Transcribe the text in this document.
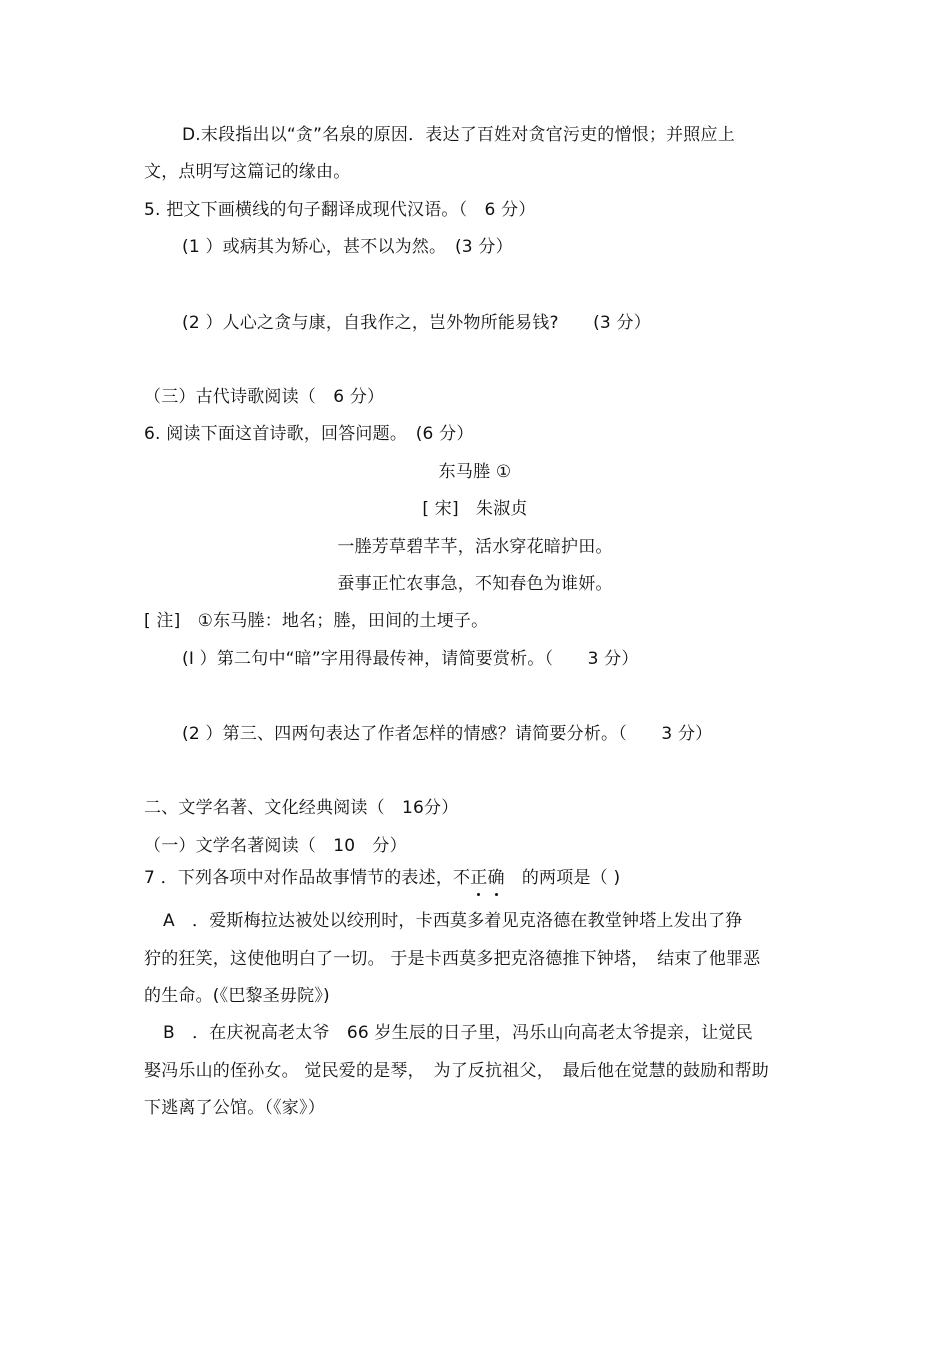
D.末段指出以“贪”名泉的原因．表达了百姓对贪官污吏的憎恨；并照应上
文，点明写这篇记的缘由。
5. 把文下画横线的句子翻译成现代汉语。（　6 分）
(1 ）或病其为矫心，甚不以为然。　(3 分）
(2 ）人心之贪与康，自我作之，岂外物所能易钱?　　(3 分）
（三）古代诗歌阅读（　6 分）
6. 阅读下面这首诗歌，回答问题。　(6 分）
东马塍 ①
[ 宋]　朱淑贞
一塍芳草碧芊芊，活水穿花暗护田。
蚕事正忙农事急，不知春色为谁妍。
[ 注]　①东马塍：地名；塍，田间的土埂子。
(I ）第二句中“暗”字用得最传神，请简要赏析。（　　3 分）
(2 ）第三、四两句表达了作者怎样的情感？请简要分析。（　　3 分）
二、文学名著、文化经典阅读（　16分）
（一）文学名著阅读（　10　分）
7 ．下列各项中对作品故事情节的表述，不正确　的两项是（ )
A　．爱斯梅拉达被处以绞刑时，卡西莫多着见克洛德在教堂钟塔上发出了狰
狞的狂笑，这使他明白了一切。 于是卡西莫多把克洛德推下钟塔，　结束了他罪恶
的生命。(《巴黎圣毋院》)
B　．在庆祝高老太爷　66 岁生辰的日子里，冯乐山向高老太爷提亲，让觉民
娶冯乐山的侄孙女。 觉民爱的是琴，　为了反抗祖父，　最后他在觉慧的鼓励和帮助
下逃离了公馆。（《家》）
